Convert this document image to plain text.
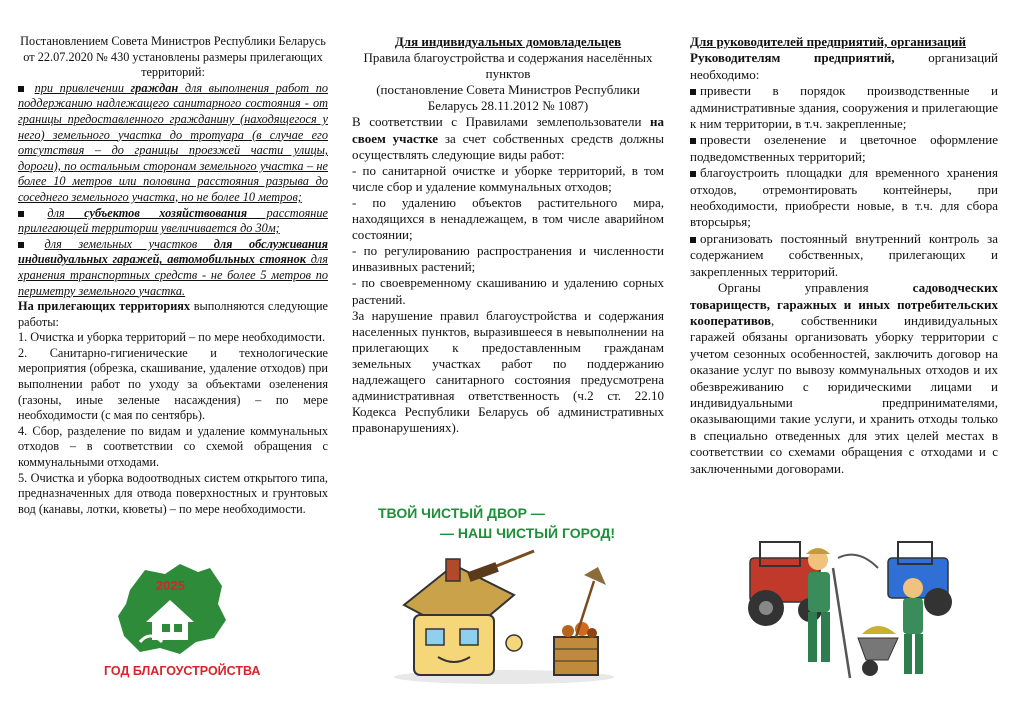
Постановлением Совета Министров Республики Беларусь от 22.07.2020 № 430 установлены размеры прилегающих территорий:

при привлечении граждан для выполнения работ по поддержанию надлежащего санитарного состояния - от границы предоставленного гражданину (находящегося у него) земельного участка до тротуара (в случае его отсутствия – до границы проезжей части улицы, дороги), по остальным сторонам земельного участка – не более 10 метров или половина расстояния разрыва до соседнего земельного участка, но не более 10 метров;

для субъектов хозяйствования расстояние прилегающей территории увеличивается до 30м;

для земельных участков для обслуживания индивидуальных гаражей, автомобильных стоянок для хранения транспортных средств - не более 5 метров по периметру земельного участка.

На прилегающих территориях выполняются следующие работы:

1. Очистка и уборка территорий – по мере необходимости.

2. Санитарно-гигиенические и технологические мероприятия (обрезка, скашивание, удаление отходов) при выполнении работ по уходу за объектами озеленения (газоны, иные зеленые насаждения) – по мере необходимости (с мая по сентябрь).

4. Сбор, разделение по видам и удаление коммунальных отходов – в соответствии со схемой обращения с коммунальными отходами.

5. Очистка и уборка водоотводных систем открытого типа, предназначенных для отвода поверхностных и грунтовых вод (канавы, лотки, кюветы) – по мере необходимости.

2025
ГОД БЛАГОУСТРОЙСТВА

Для индивидуальных домовладельцев

Правила благоустройства и содержания населённых пунктов

(постановление Совета Министров Республики Беларусь 28.11.2012 № 1087)

В соответствии с Правилами землепользователи на своем участке за счет собственных средств должны осуществлять следующие виды работ:

- по санитарной очистке и уборке территорий, в том числе сбор и удаление коммунальных отходов;

- по удалению объектов растительного мира, находящихся в ненадлежащем, в том числе аварийном состоянии;

- по регулированию распространения и численности инвазивных растений;

- по своевременному скашиванию и удалению сорных растений.

За нарушение правил благоустройства и содержания населенных пунктов, выразившееся в невыполнении на прилегающих к предоставленным гражданам земельных участках работ по поддержанию надлежащего санитарного состояния предусмотрена административная ответственность (ч.2 ст. 22.10 Кодекса Республики Беларусь об административных правонарушениях).

ТВОЙ ЧИСТЫЙ ДВОР —
— НАШ ЧИСТЫЙ ГОРОД!

Для руководителей предприятий, организаций

Руководителям предприятий, организаций необходимо:

привести в порядок производственные и административные здания, сооружения и прилегающие к ним территории, в т.ч. закрепленные;

провести озеленение и цветочное оформление подведомственных территорий;

благоустроить площадки для временного хранения отходов, отремонтировать контейнеры, при необходимости, приобрести новые, в т.ч. для сбора вторсырья;

организовать постоянный внутренний контроль за содержанием собственных, прилегающих и закрепленных территорий.

Органы управления садоводческих товариществ, гаражных и иных потребительских кооперативов, собственники индивидуальных гаражей обязаны организовать уборку территории с учетом сезонных особенностей, заключить договор на оказание услуг по вывозу коммунальных отходов и их обезвреживанию с юридическими лицами и индивидуальными предпринимателями, оказывающими такие услуги, и хранить отходы только в специально отведенных для этих целей местах в соответствии со схемами обращения с отходами и с заключенными договорами.
